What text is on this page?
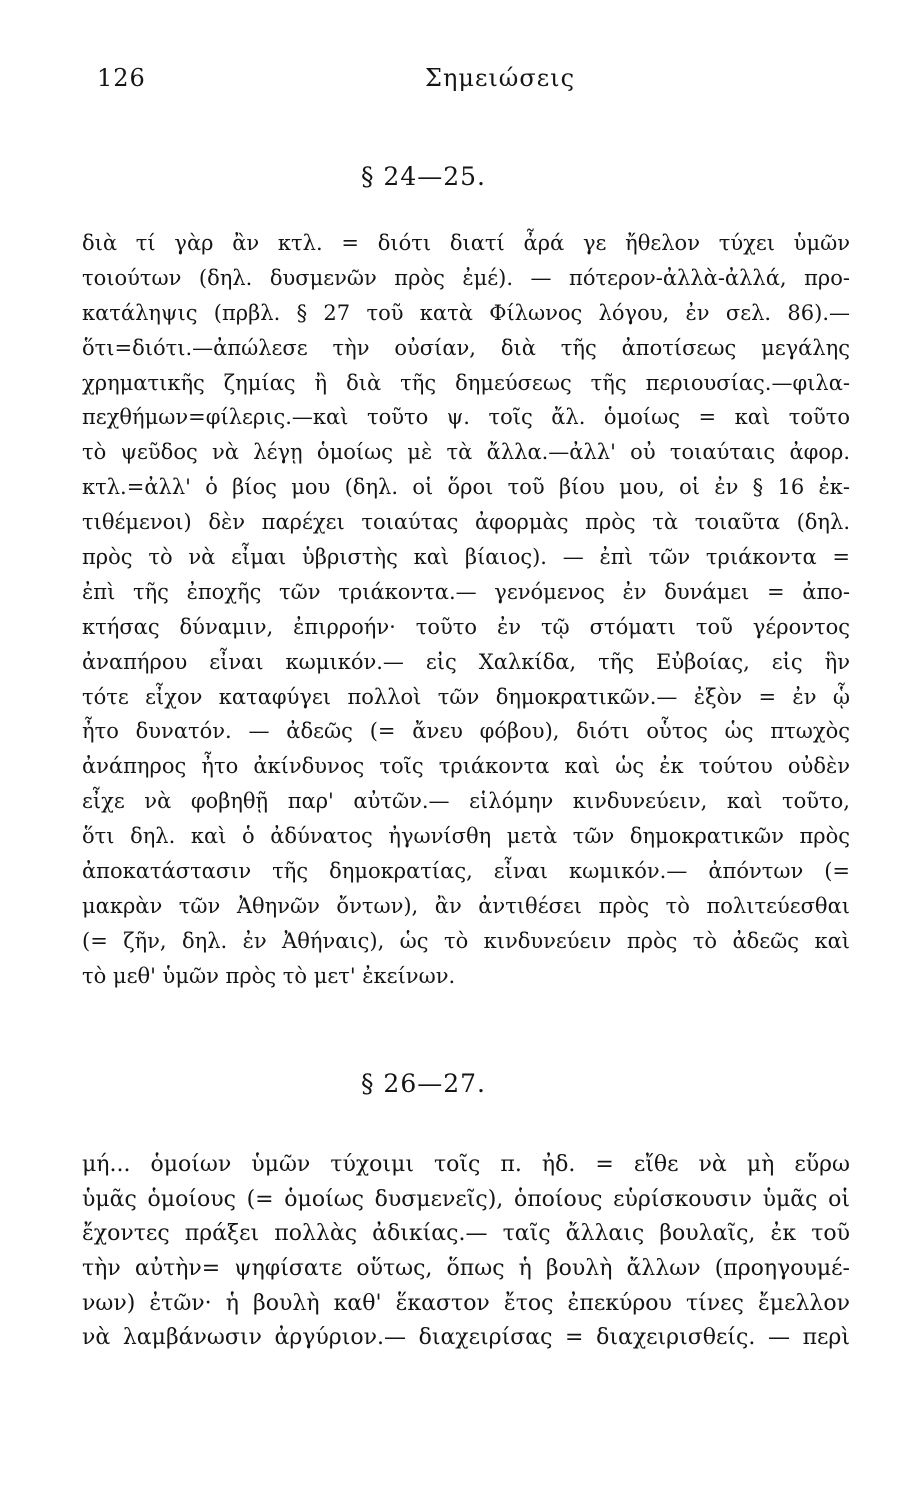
126	Σημειώσεις
§ 24—25.
διὰ τί γὰρ ἂν κτλ. = διότι διατί ἆρά γε ἤθελον τύχει ὑμῶν
τοιούτων (δηλ. δυσμενῶν πρὸς ἐμέ). — πότερον-ἀλλὰ-ἀλλά, προ-
κατάληψις (πρβλ. § 27 τοῦ κατὰ Φίλωνος λόγου, ἐν σελ. 86).—
ὅτι=διότι.—ἀπώλεσε τὴν οὐσίαν, διὰ τῆς ἀποτίσεως μεγάλης
χρηματικῆς ζημίας ἢ διὰ τῆς δημεύσεως τῆς περιουσίας.—φιλα-
πεχθήμων=φίλερις.—καὶ τοῦτο ψ. τοῖς ἄλ. ὁμοίως = καὶ τοῦτο
τὸ ψεῦδος νὰ λέγῃ ὁμοίως μὲ τὰ ἄλλα.—ἀλλ' οὐ τοιαύταις ἀφορ.
κτλ.=ἀλλ' ὁ βίος μου (δηλ. οἱ ὅροι τοῦ βίου μου, οἱ ἐν § 16 ἐκ-
τιθέμενοι) δὲν παρέχει τοιαύτας ἀφορμὰς πρὸς τὰ τοιαῦτα (δηλ.
πρὸς τὸ νὰ εἶμαι ὑβριστὴς καὶ βίαιος). — ἐπὶ τῶν τριάκοντα =
ἐπὶ τῆς ἐποχῆς τῶν τριάκοντα.— γενόμενος ἐν δυνάμει = ἀπο-
κτήσας δύναμιν, ἐπιρροήν· τοῦτο ἐν τῷ στόματι τοῦ γέροντος
ἀναπήρου εἶναι κωμικόν.— εἰς Χαλκίδα, τῆς Εὐβοίας, εἰς ἣν
τότε εἶχον καταφύγει πολλοὶ τῶν δημοκρατικῶν.— ἐξὸν = ἐν ᾧ
ἦτο δυνατόν. — ἀδεῶς (= ἄνευ φόβου), διότι οὗτος ὡς πτωχὸς
ἀνάπηρος ἦτο ἀκίνδυνος τοῖς τριάκοντα καὶ ὡς ἐκ τούτου οὐδὲν
εἶχε νὰ φοβηθῇ παρ' αὐτῶν.— εἱλόμην κινδυνεύειν, καὶ τοῦτο,
ὅτι δηλ. καὶ ὁ ἀδύνατος ἠγωνίσθη μετὰ τῶν δημοκρατικῶν πρὸς
ἀποκατάστασιν τῆς δημοκρατίας, εἶναι κωμικόν.— ἀπόντων (=
μακρὰν τῶν Ἀθηνῶν ὄντων), ἂν ἀντιθέσει πρὸς τὸ πολιτεύεσθαι
(= ζῆν, δηλ. ἐν Ἀθήναις), ὡς τὸ κινδυνεύειν πρὸς τὸ ἀδεῶς καὶ
τὸ μεθ' ὑμῶν πρὸς τὸ μετ' ἐκείνων.
§ 26—27.
μή... ὁμοίων ὑμῶν τύχοιμι τοῖς π. ἠδ. = εἴθε νὰ μὴ εὕρω
ὑμᾶς ὁμοίους (= ὁμοίως δυσμενεῖς), ὁποίους εὑρίσκουσιν ὑμᾶς οἱ
ἔχοντες πράξει πολλὰς ἀδικίας.— ταῖς ἄλλαις βουλαῖς, ἐκ τοῦ
τὴν αὐτὴν= ψηφίσατε οὕτως, ὅπως ἡ βουλὴ ἄλλων (προηγουμέ-
νων) ἐτῶν· ἡ βουλὴ καθ' ἕκαστον ἔτος ἐπεκύρου τίνες ἔμελλον
νὰ λαμβάνωσιν ἀργύριον.— διαχειρίσας = διαχειρισθείς. — περὶ
